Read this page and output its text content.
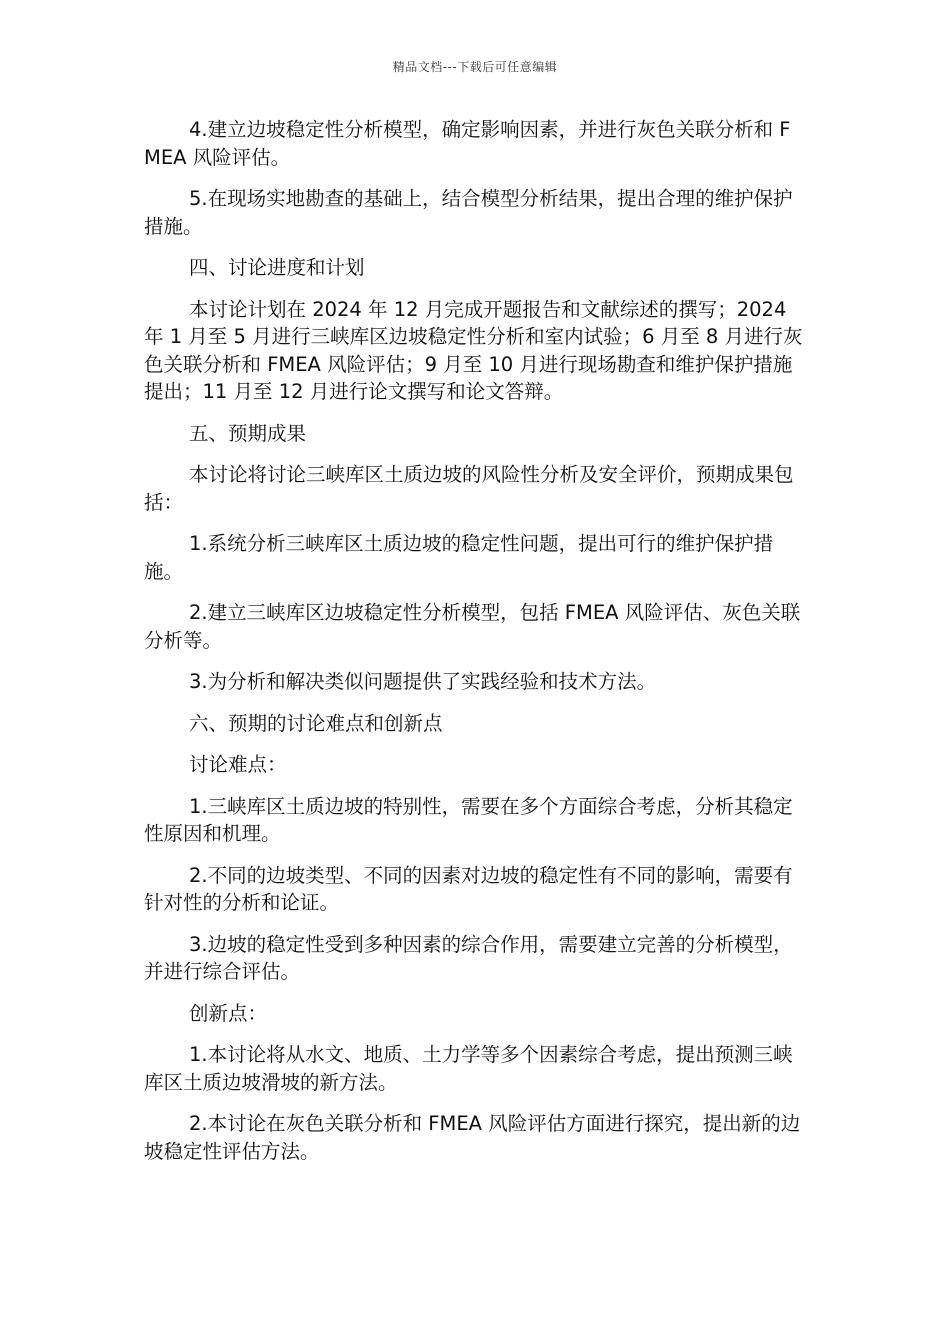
精品文档---下载后可任意编辑

4.建立边坡稳定性分析模型，确定影响因素，并进行灰色关联分析和 FMEA 风险评估。

5.在现场实地勘查的基础上，结合模型分析结果，提出合理的维护保护措施。

四、讨论进度和计划

本讨论计划在 2024 年 12 月完成开题报告和文献综述的撰写；2024 年 1 月至 5 月进行三峡库区边坡稳定性分析和室内试验；6 月至 8 月进行灰色关联分析和 FMEA 风险评估；9 月至 10 月进行现场勘查和维护保护措施提出；11 月至 12 月进行论文撰写和论文答辩。

五、预期成果

本讨论将讨论三峡库区土质边坡的风险性分析及安全评价，预期成果包括：

1.系统分析三峡库区土质边坡的稳定性问题，提出可行的维护保护措施。

2.建立三峡库区边坡稳定性分析模型，包括 FMEA 风险评估、灰色关联分析等。

3.为分析和解决类似问题提供了实践经验和技术方法。

六、预期的讨论难点和创新点

讨论难点：

1.三峡库区土质边坡的特别性，需要在多个方面综合考虑，分析其稳定性原因和机理。

2.不同的边坡类型、不同的因素对边坡的稳定性有不同的影响，需要有针对性的分析和论证。

3.边坡的稳定性受到多种因素的综合作用，需要建立完善的分析模型，并进行综合评估。

创新点：

1.本讨论将从水文、地质、土力学等多个因素综合考虑，提出预测三峡库区土质边坡滑坡的新方法。

2.本讨论在灰色关联分析和 FMEA 风险评估方面进行探究，提出新的边坡稳定性评估方法。
